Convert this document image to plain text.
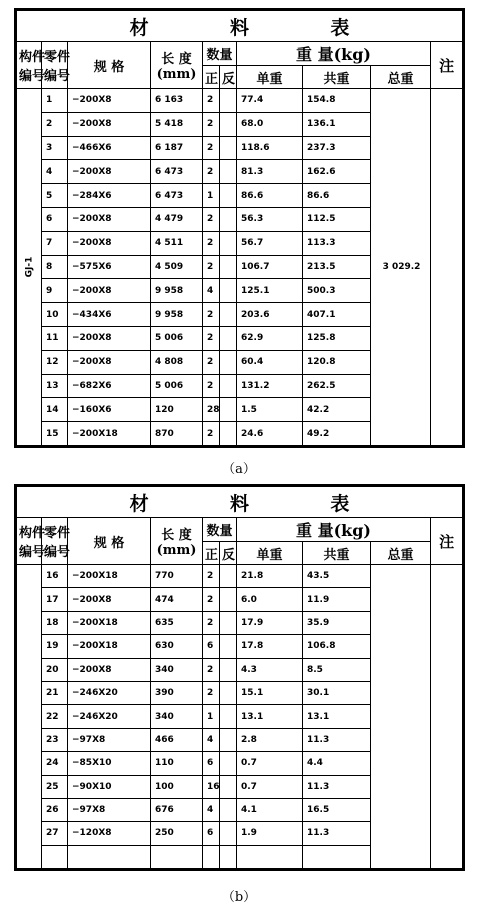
材 料 表									

构件
编号	零件
编号	规 格	长 度
(mm)	数量		重 量(kg)			注
				正	反	单重	共重	总重	
GJ-1	1	−200X8	6 163	2		77.4	154.8	3 029.2	
	2	−200X8	5 418	2		68.0	136.1		
	3	−466X6	6 187	2		118.6	237.3		
	4	−200X8	6 473	2		81.3	162.6		
	5	−284X6	6 473	1		86.6	86.6		
	6	−200X8	4 479	2		56.3	112.5		
	7	−200X8	4 511	2		56.7	113.3		
	8	−575X6	4 509	2		106.7	213.5		
	9	−200X8	9 958	4		125.1	500.3		
	10	−434X6	9 958	2		203.6	407.1		
	11	−200X8	5 006	2		62.9	125.8		
	12	−200X8	4 808	2		60.4	120.8		
	13	−682X6	5 006	2		131.2	262.5		
	14	−160X6	120	28		1.5	42.2		
	15	−200X18	870	2		24.6	49.2		
（a）
材 料 表									

构件
编号	零件
编号	规 格	长 度
(mm)	数量		重 量(kg)			注
				正	反	单重	共重	总重	
	16	−200X18	770	2		21.8	43.5		
	17	−200X8	474	2		6.0	11.9		
	18	−200X18	635	2		17.9	35.9		
	19	−200X18	630	6		17.8	106.8		
	20	−200X8	340	2		4.3	8.5		
	21	−246X20	390	2		15.1	30.1		
	22	−246X20	340	1		13.1	13.1		
	23	−97X8	466	4		2.8	11.3		
	24	−85X10	110	6		0.7	4.4		
	25	−90X10	100	16		0.7	11.3		
	26	−97X8	676	4		4.1	16.5		
	27	−120X8	250	6		1.9	11.3		

（b）
